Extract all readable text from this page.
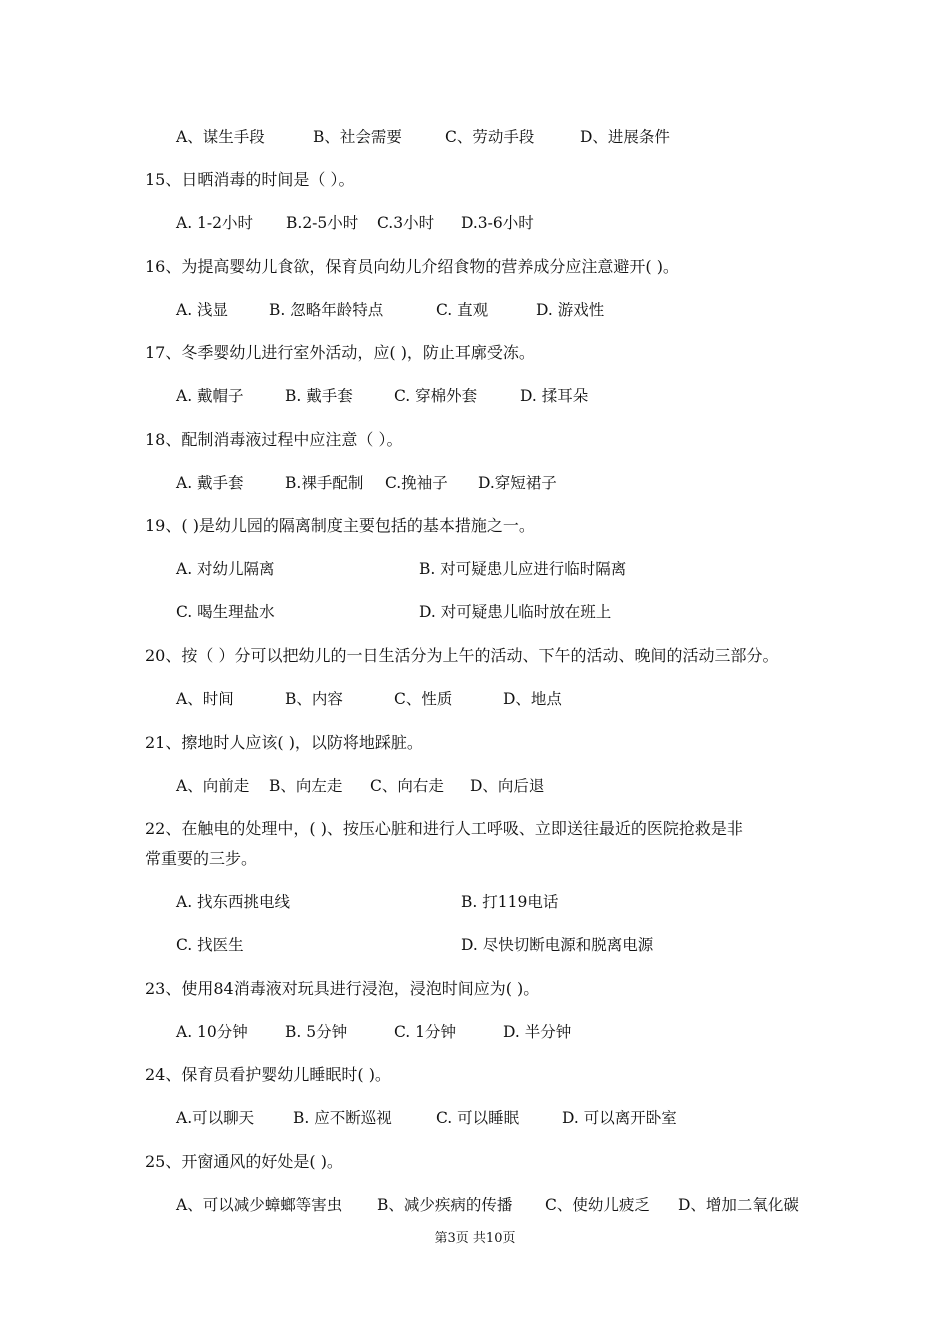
A、谋生手段	B、社会需要	C、劳动手段	D、进展条件
15、日晒消毒的时间是（ ）。
A. 1-2小时 B.2-5小时 C.3小时 D.3-6小时
16、为提高婴幼儿食欲，保育员向幼儿介绍食物的营养成分应注意避开( )。
A. 浅显	B. 忽略年龄特点	C. 直观	D. 游戏性
17、冬季婴幼儿进行室外活动，应( )，防止耳廓受冻。
A. 戴帽子	B. 戴手套	C. 穿棉外套	D. 揉耳朵
18、配制消毒液过程中应注意（ ）。
A. 戴手套	B.裸手配制 C.挽袖子 D.穿短裙子
19、( )是幼儿园的隔离制度主要包括的基本措施之一。
A. 对幼儿隔离	B. 对可疑患儿应进行临时隔离
C. 喝生理盐水	D. 对可疑患儿临时放在班上
20、按（ ）分可以把幼儿的一日生活分为上午的活动、下午的活动、晚间的活动三部分。
A、时间	B、内容	C、性质	D、地点
21、擦地时人应该( )，以防将地踩脏。
A、向前走 B、向左走 C、向右走 D、向后退
22、在触电的处理中，( )、按压心脏和进行人工呼吸、立即送往最近的医院抢救是非
常重要的三步。
A. 找东西挑电线	B. 打119电话
C. 找医生	D. 尽快切断电源和脱离电源
23、使用84消毒液对玩具进行浸泡，浸泡时间应为( )。
A. 10分钟 B. 5分钟	C. 1分钟	D. 半分钟
24、保育员看护婴幼儿睡眠时( )。
A.可以聊天	B. 应不断巡视	C. 可以睡眠	D. 可以离开卧室
25、开窗通风的好处是( )。
A、可以减少蟑螂等害虫 B、减少疾病的传播 C、使幼儿疲乏 D、增加二氧化碳
第3页 共10页
